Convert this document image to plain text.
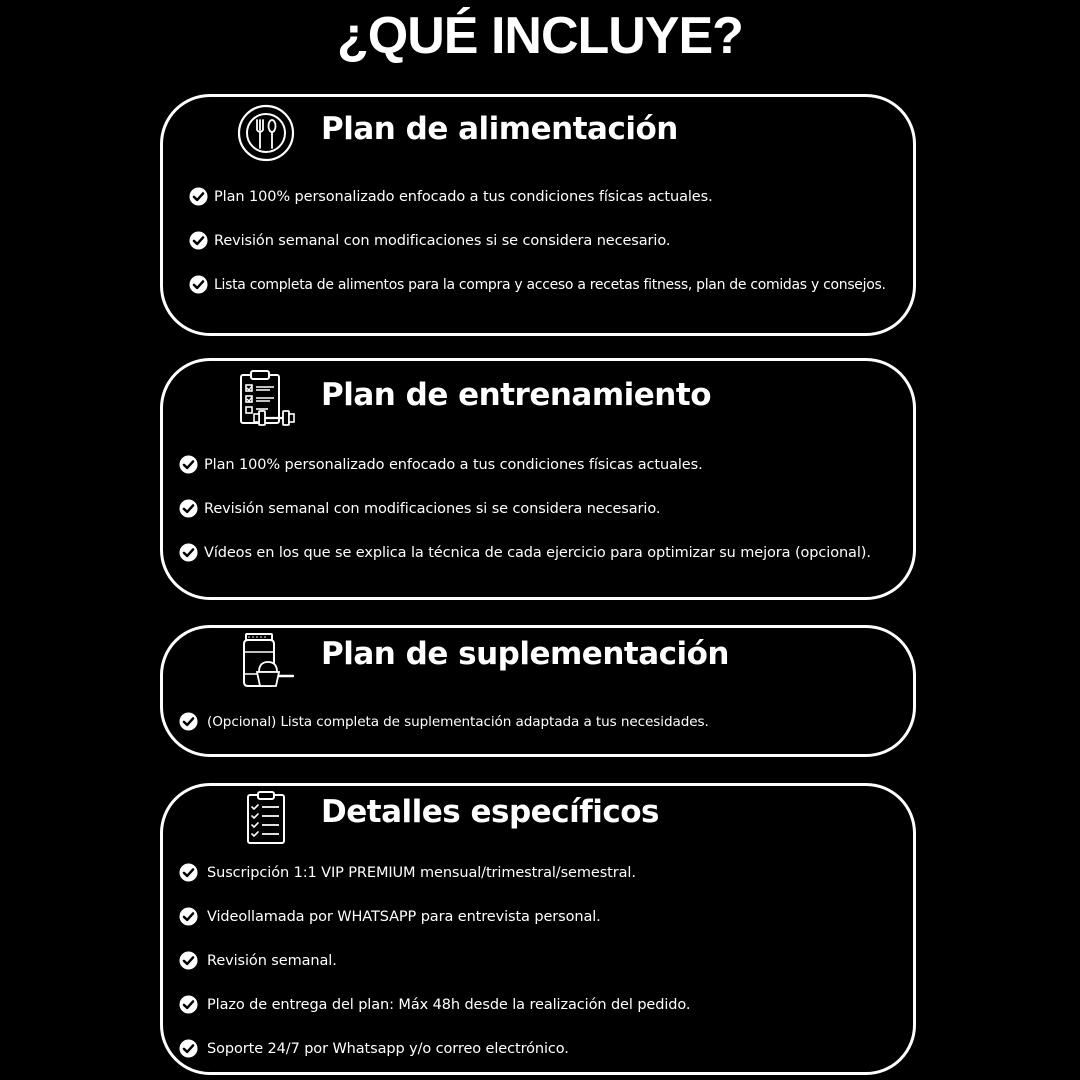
¿QUÉ INCLUYE?
Plan de alimentación
Plan 100% personalizado enfocado a tus condiciones físicas actuales.
Revisión semanal con modificaciones si se considera necesario.
Lista completa de alimentos para la compra y acceso a recetas fitness, plan de comidas y consejos.
Plan de entrenamiento
Plan 100% personalizado enfocado a tus condiciones físicas actuales.
Revisión semanal con modificaciones si se considera necesario.
Vídeos en los que se explica la técnica de cada ejercicio para optimizar su mejora (opcional).
Plan de suplementación
(Opcional) Lista completa de suplementación adaptada a tus necesidades.
Detalles específicos
Suscripción 1:1 VIP PREMIUM mensual/trimestral/semestral.
Videollamada por WHATSAPP para entrevista personal.
Revisión semanal.
Plazo de entrega del plan: Máx 48h desde la realización del pedido.
Soporte 24/7 por Whatsapp y/o correo electrónico.
